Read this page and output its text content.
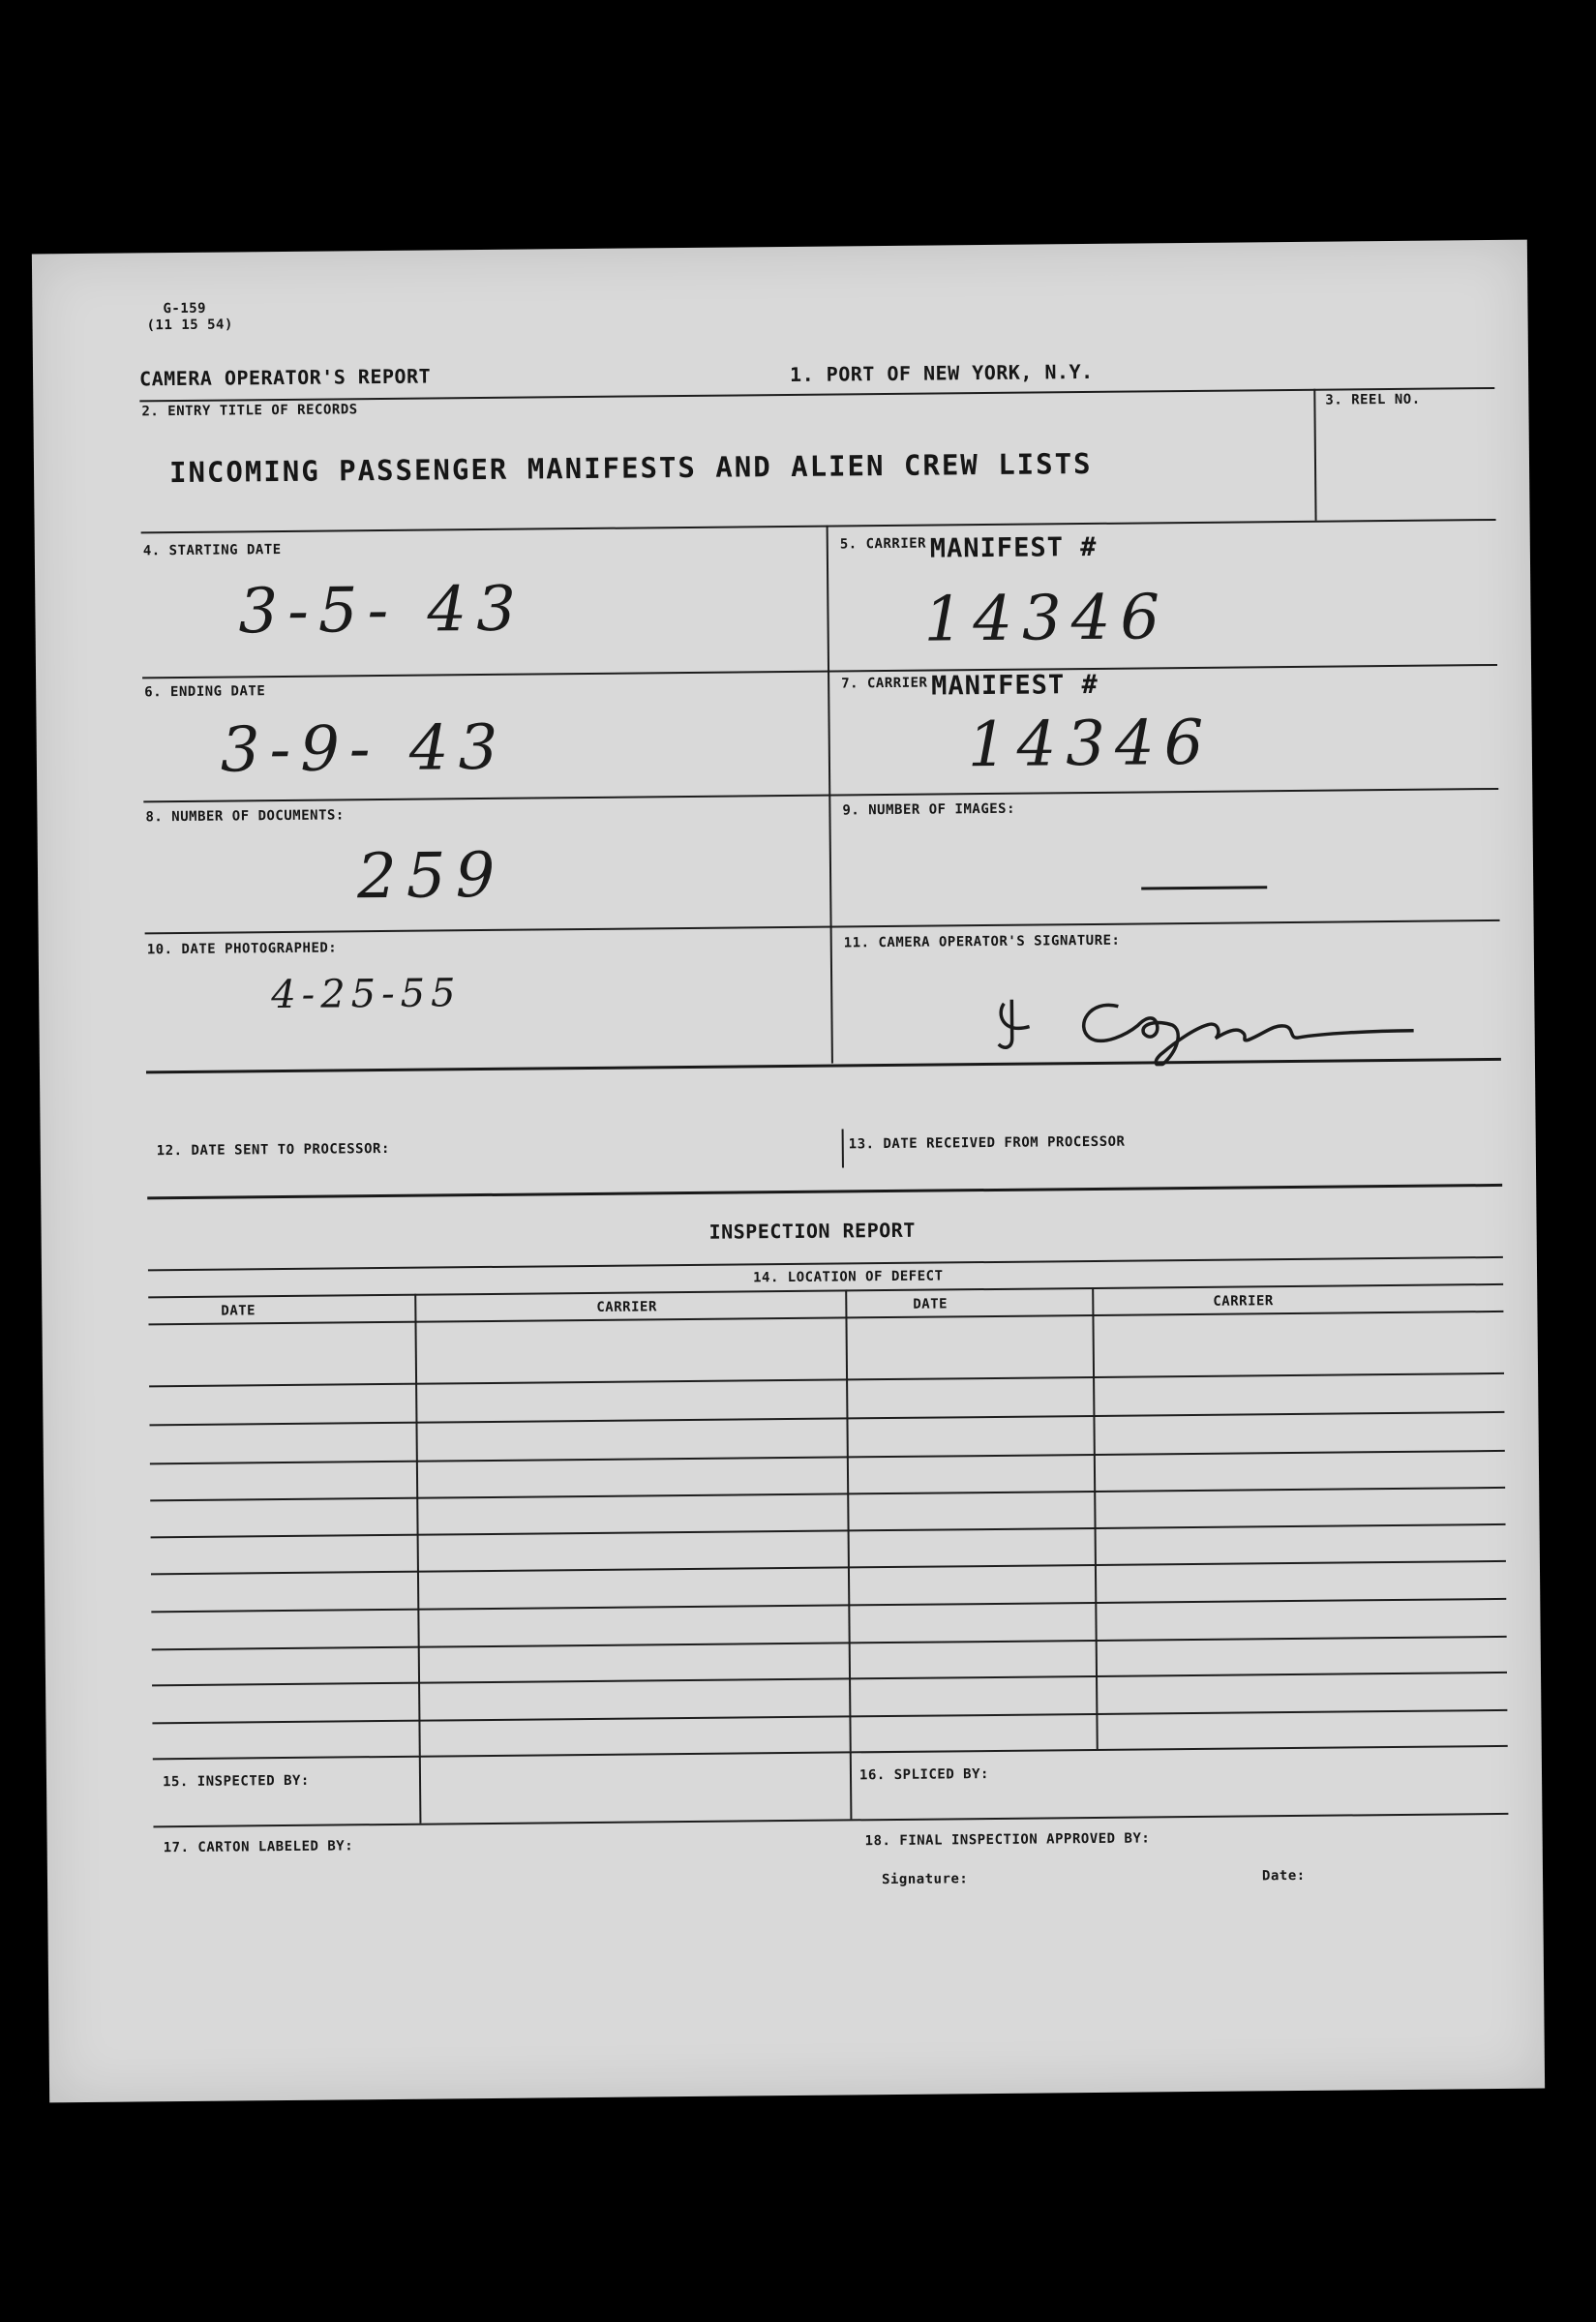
G-159
(11 15 54)
CAMERA OPERATOR'S REPORT	1. PORT OF NEW YORK, N.Y.
2. ENTRY TITLE OF RECORDS
INCOMING PASSENGER MANIFESTS AND ALIEN CREW LISTS
3. REEL NO.
4. STARTING DATE
3-5- 43
5. CARRIER MANIFEST #
14346
6. ENDING DATE
3-9- 43
7. CARRIER MANIFEST #
14346
8. NUMBER OF DOCUMENTS:
259
9. NUMBER OF IMAGES:
10. DATE PHOTOGRAPHED:
4-25-55
11. CAMERA OPERATOR'S SIGNATURE:
12. DATE SENT TO PROCESSOR:	13. DATE RECEIVED FROM PROCESSOR
INSPECTION REPORT
14. LOCATION OF DEFECT
DATE	CARRIER	DATE	CARRIER
15. INSPECTED BY:	16. SPLICED BY:
17. CARTON LABELED BY:	18. FINAL INSPECTION APPROVED BY:
Signature:	Date:
